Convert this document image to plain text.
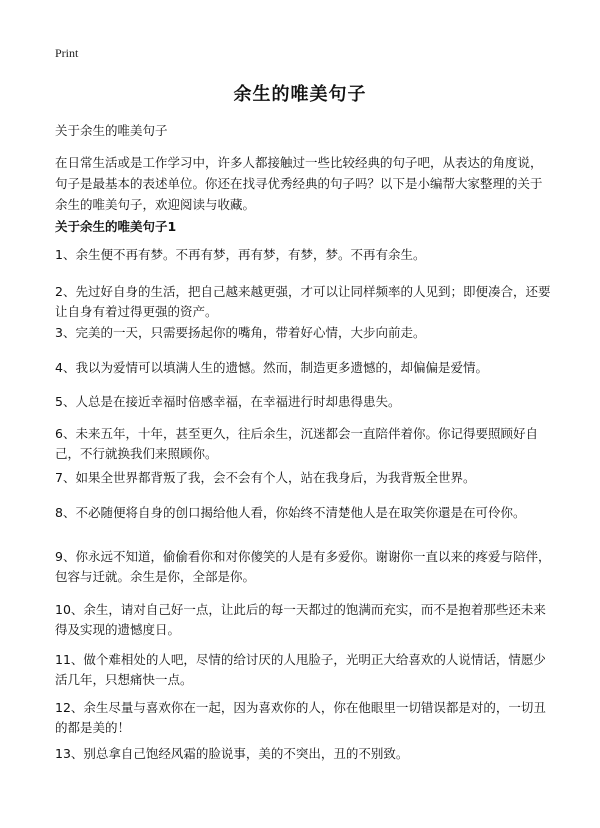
Print
余生的唯美句子

关于余生的唯美句子

在日常生活或是工作学习中，许多人都接触过一些比较经典的句子吧，从表达的角度说，句子是最基本的表述单位。你还在找寻优秀经典的句子吗？以下是小编帮大家整理的关于余生的唯美句子，欢迎阅读与收藏。

关于余生的唯美句子1
1、余生便不再有梦。不再有梦，再有梦，有梦，梦。不再有余生。
2、先过好自身的生活，把自己越来越更强，才可以让同样频率的人见到；即便凑合，还要让自身有着过得更强的资产。
3、完美的一天，只需要扬起你的嘴角，带着好心情，大步向前走。
4、我以为爱情可以填满人生的遗憾。然而，制造更多遗憾的，却偏偏是爱情。
5、人总是在接近幸福时倍感幸福，在幸福进行时却患得患失。
6、未来五年，十年，甚至更久，往后余生，沉迷都会一直陪伴着你。你记得要照顾好自己，不行就换我们来照顾你。
7、如果全世界都背叛了我，会不会有个人，站在我身后，为我背叛全世界。
8、不必随便将自身的创口揭给他人看，你始终不清楚他人是在取笑你還是在可伶你。
9、你永远不知道，偷偷看你和对你傻笑的人是有多爱你。谢谢你一直以来的疼爱与陪伴，包容与迁就。余生是你，全部是你。
10、余生，请对自己好一点，让此后的每一天都过的饱满而充实，而不是抱着那些还未来得及实现的遗憾度日。
11、做个难相处的人吧，尽情的给讨厌的人甩脸子，光明正大给喜欢的人说情话，情愿少活几年，只想痛快一点。
12、余生尽量与喜欢你在一起，因为喜欢你的人，你在他眼里一切错误都是对的，一切丑的都是美的！
13、别总拿自己饱经风霜的脸说事，美的不突出，丑的不别致。
